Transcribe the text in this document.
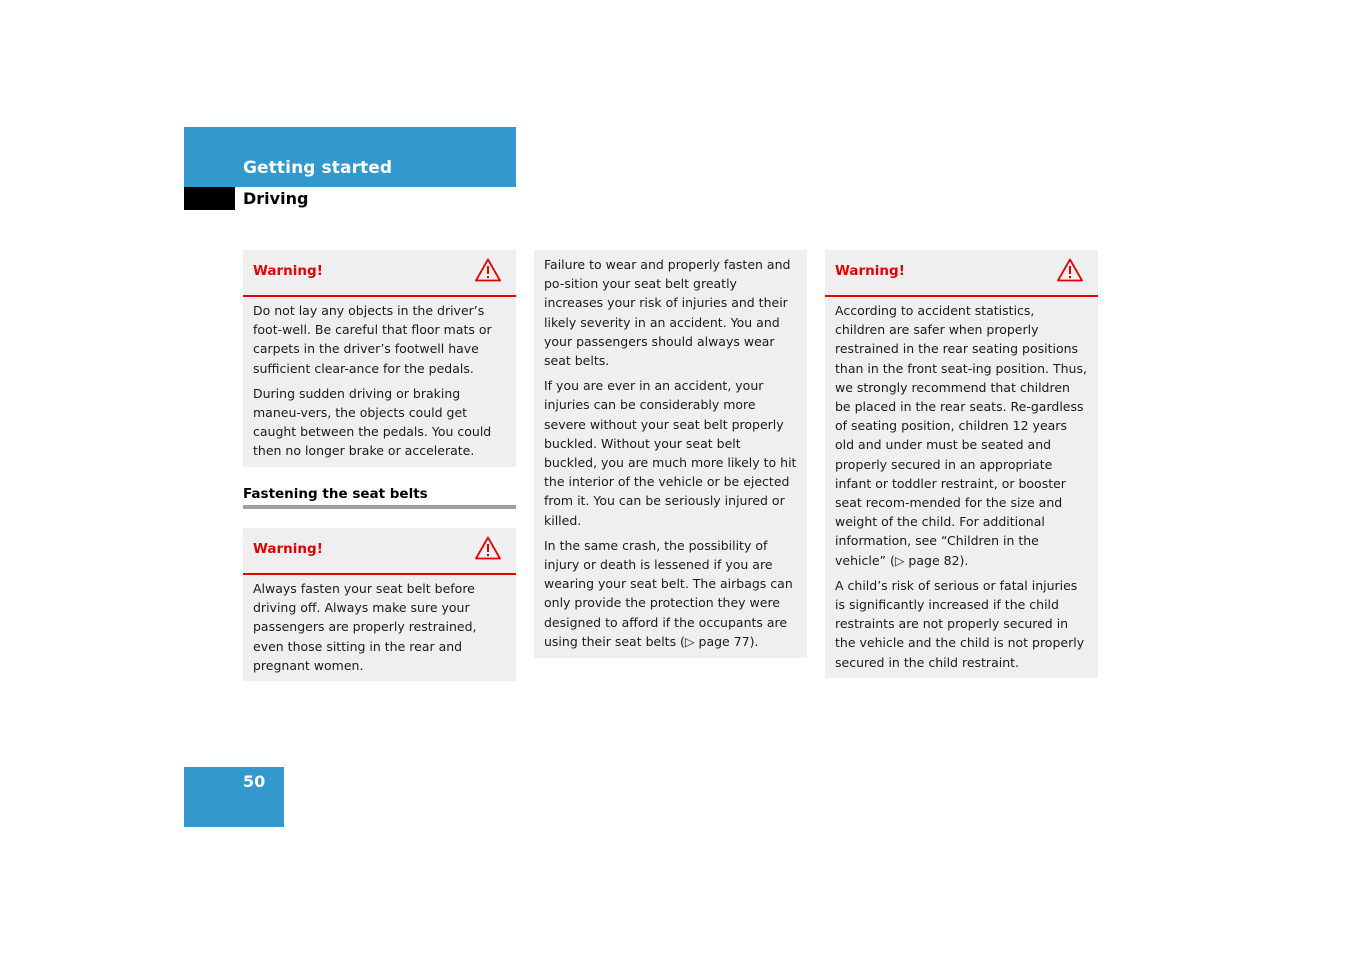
Getting started
Driving
Warning!

Do not lay any objects in the driver’s foot-well. Be careful that floor mats or carpets in the driver’s footwell have sufficient clear-ance for the pedals.

During sudden driving or braking maneu-vers, the objects could get caught between the pedals. You could then no longer brake or accelerate.

Fastening the seat belts
Warning!

Always fasten your seat belt before driving off. Always make sure your passengers are properly restrained, even those sitting in the rear and pregnant women.

Failure to wear and properly fasten and po-sition your seat belt greatly increases your risk of injuries and their likely severity in an accident. You and your passengers should always wear seat belts.

If you are ever in an accident, your injuries can be considerably more severe without your seat belt properly buckled. Without your seat belt buckled, you are much more likely to hit the interior of the vehicle or be ejected from it. You can be seriously injured or killed.

In the same crash, the possibility of injury or death is lessened if you are wearing your seat belt. The airbags can only provide the protection they were designed to afford if the occupants are using their seat belts (▷ page 77).

Warning!

According to accident statistics, children are safer when properly restrained in the rear seating positions than in the front seat-ing position. Thus, we strongly recommend that children be placed in the rear seats. Re-gardless of seating position, children 12 years old and under must be seated and properly secured in an appropriate infant or toddler restraint, or booster seat recom-mended for the size and weight of the child. For additional information, see “Children in the vehicle” (▷ page 82).

A child’s risk of serious or fatal injuries is significantly increased if the child restraints are not properly secured in the vehicle and the child is not properly secured in the child restraint.

50
